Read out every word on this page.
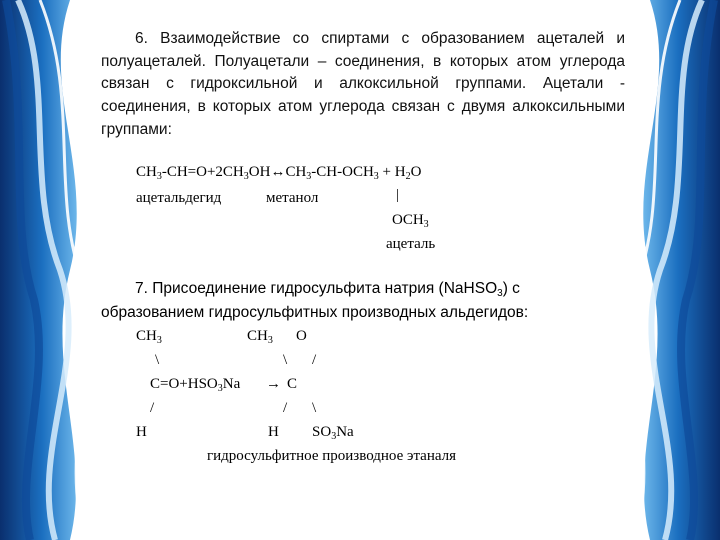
6. Взаимодействие со спиртами с образованием ацеталей и полуацеталей. Полуацетали – соединения, в которых атом углерода связан с гидроксильной и алкоксильной группами. Ацетали - соединения, в которых атом углерода связан с двумя алкоксильными группами:

$CH_3-CH=O+2CH_3OH\leftrightarrow CH_3-CH-OCH_3 + H_2O$
ацетальдегид	метанол	|
$OCH_3$
ацеталь
7. Присоединение гидросульфита натрия (NaHSO$_3$) с
образованием гидросульфитных производных альдегидов:
$CH_3$	$CH_3$ O
\	\ /
$C=O+HSO_3Na \to C$
/	/ \
H	H $SO_3Na$
гидросульфитное производное этаналя
